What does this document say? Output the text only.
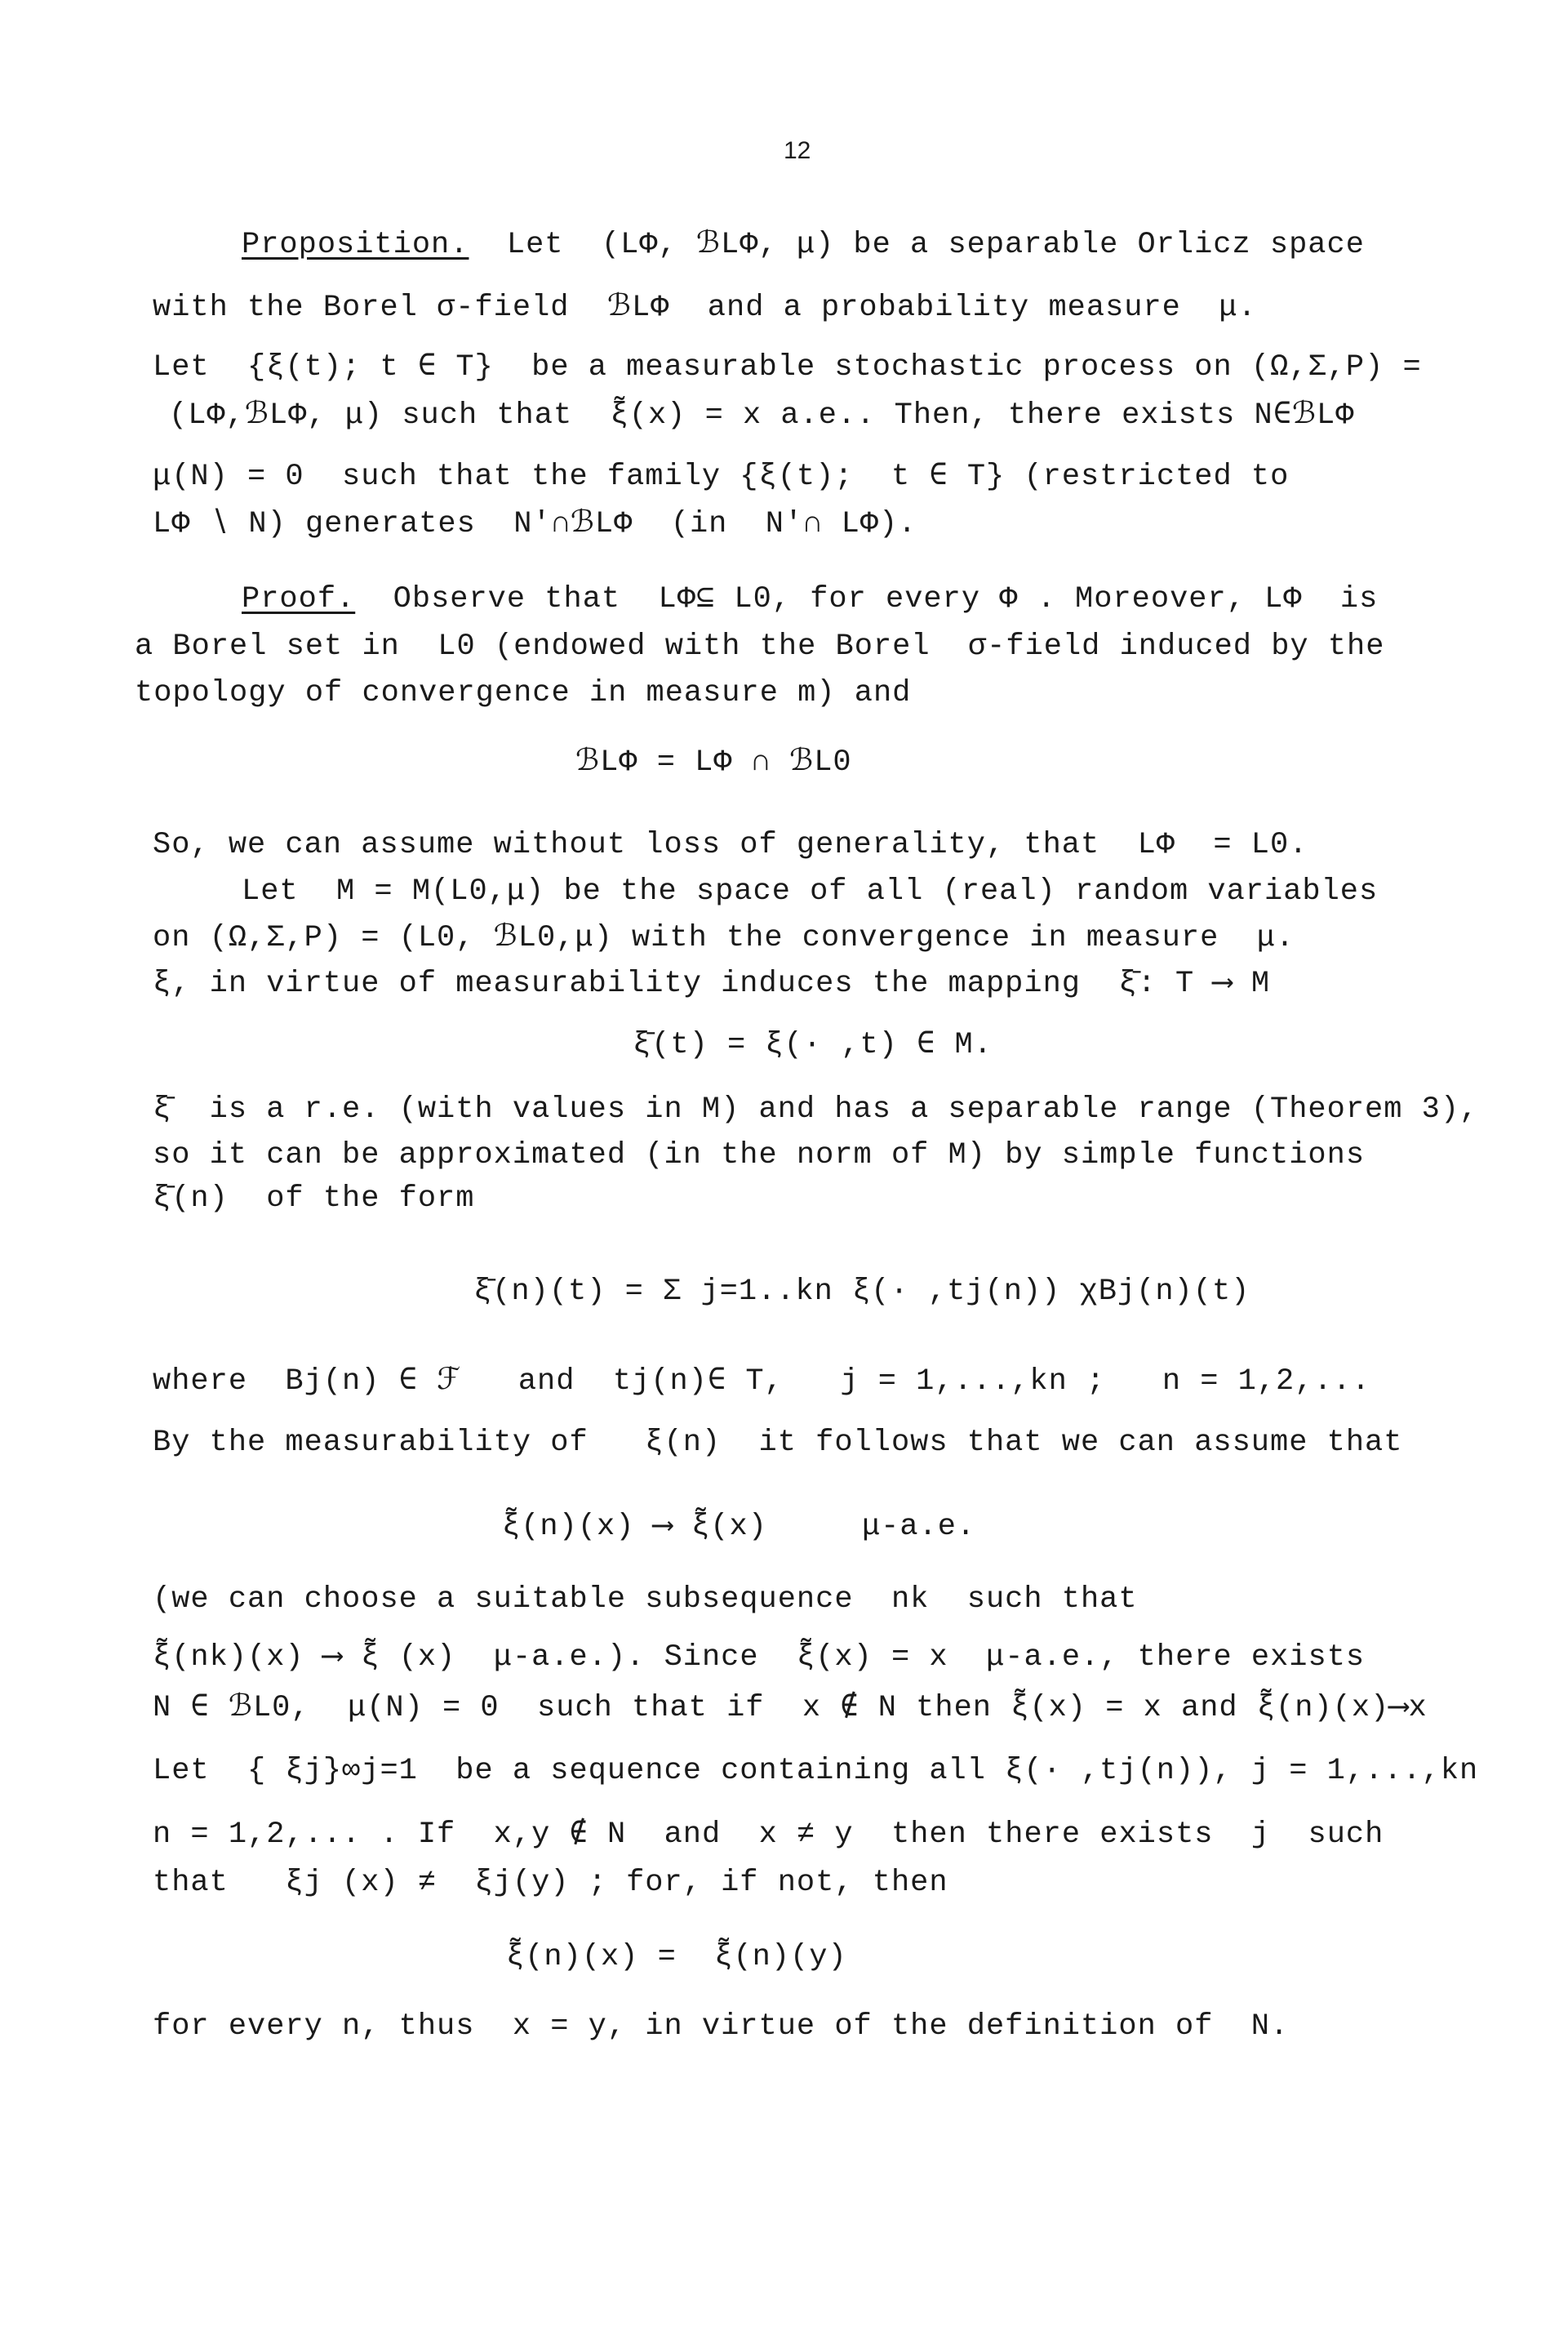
12
Proposition. Let  (LΦ, ℬLΦ, μ) be a separable Orlicz space
with the Borel σ-field  ℬLΦ  and a probability measure  μ.
Let  {ξ(t); t ∈ T}  be a measurable stochastic process on (Ω,Σ,P) =
(LΦ,ℬLΦ, μ) such that  ξ̃(x) = x a.e.. Then, there exists N∈ℬLΦ
μ(N) = 0  such that the family {ξ(t);  t ∈ T} (restricted to
LΦ ∖ N) generates  N′∩ℬLΦ  (in  N′∩ LΦ).
Proof. Observe that  LΦ⊆ L0, for every Φ . Moreover, LΦ  is
a Borel set in  L0 (endowed with the Borel  σ-field induced by the
topology of convergence in measure m) and
ℬLΦ = LΦ ∩ ℬL0
So, we can assume without loss of generality, that  LΦ  = L0.
Let  M = M(L0,μ) be the space of all (real) random variables
on (Ω,Σ,P) = (L0, ℬL0,μ) with the convergence in measure  μ.
ξ, in virtue of measurability induces the mapping  ξ̄: T ⟶ M
ξ̄(t) = ξ(· ,t) ∈ M.
ξ̄  is a r.e. (with values in M) and has a separable range (Theorem 3),
so it can be approximated (in the norm of M) by simple functions
ξ̄(n)  of the form
ξ̄(n)(t) = Σ j=1..kn ξ(· ,tj(n)) χBj(n)(t)
where  Bj(n) ∈ ℱ   and  tj(n)∈ T,   j = 1,...,kn ;   n = 1,2,...
By the measurability of   ξ(n)  it follows that we can assume that
ξ̃(n)(x) ⟶ ξ̃(x)     μ-a.e.
(we can choose a suitable subsequence  nk  such that
ξ̃(nk)(x) ⟶ ξ̃ (x)  μ-a.e.). Since  ξ̃(x) = x  μ-a.e., there exists
N ∈ ℬL0,  μ(N) = 0  such that if  x ∉ N then ξ̃(x) = x and ξ̃(n)(x)⟶x
Let  { ξj}∞j=1  be a sequence containing all ξ(· ,tj(n)), j = 1,...,kn
n = 1,2,... . If  x,y ∉ N  and  x ≠ y  then there exists  j  such
that   ξj (x) ≠  ξj(y) ; for, if not, then
ξ̃(n)(x) =  ξ̃(n)(y)
for every n, thus  x = y, in virtue of the definition of  N.
